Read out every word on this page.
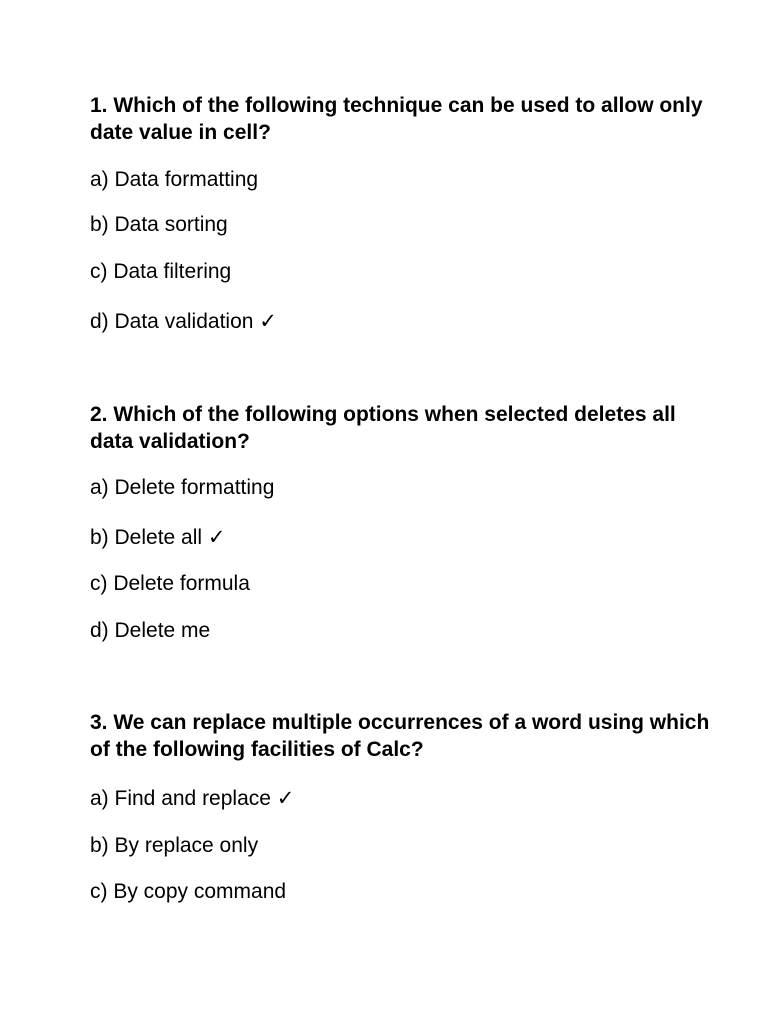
1. Which of the following technique can be used to allow only date value in cell?

a) Data formatting

b) Data sorting

c) Data filtering

d) Data validation ✓

2. Which of the following options when selected deletes all data validation?

a) Delete formatting

b) Delete all ✓

c) Delete formula

d) Delete me

3. We can replace multiple occurrences of a word using which of the following facilities of Calc?

a) Find and replace ✓

b) By replace only

c) By copy command
